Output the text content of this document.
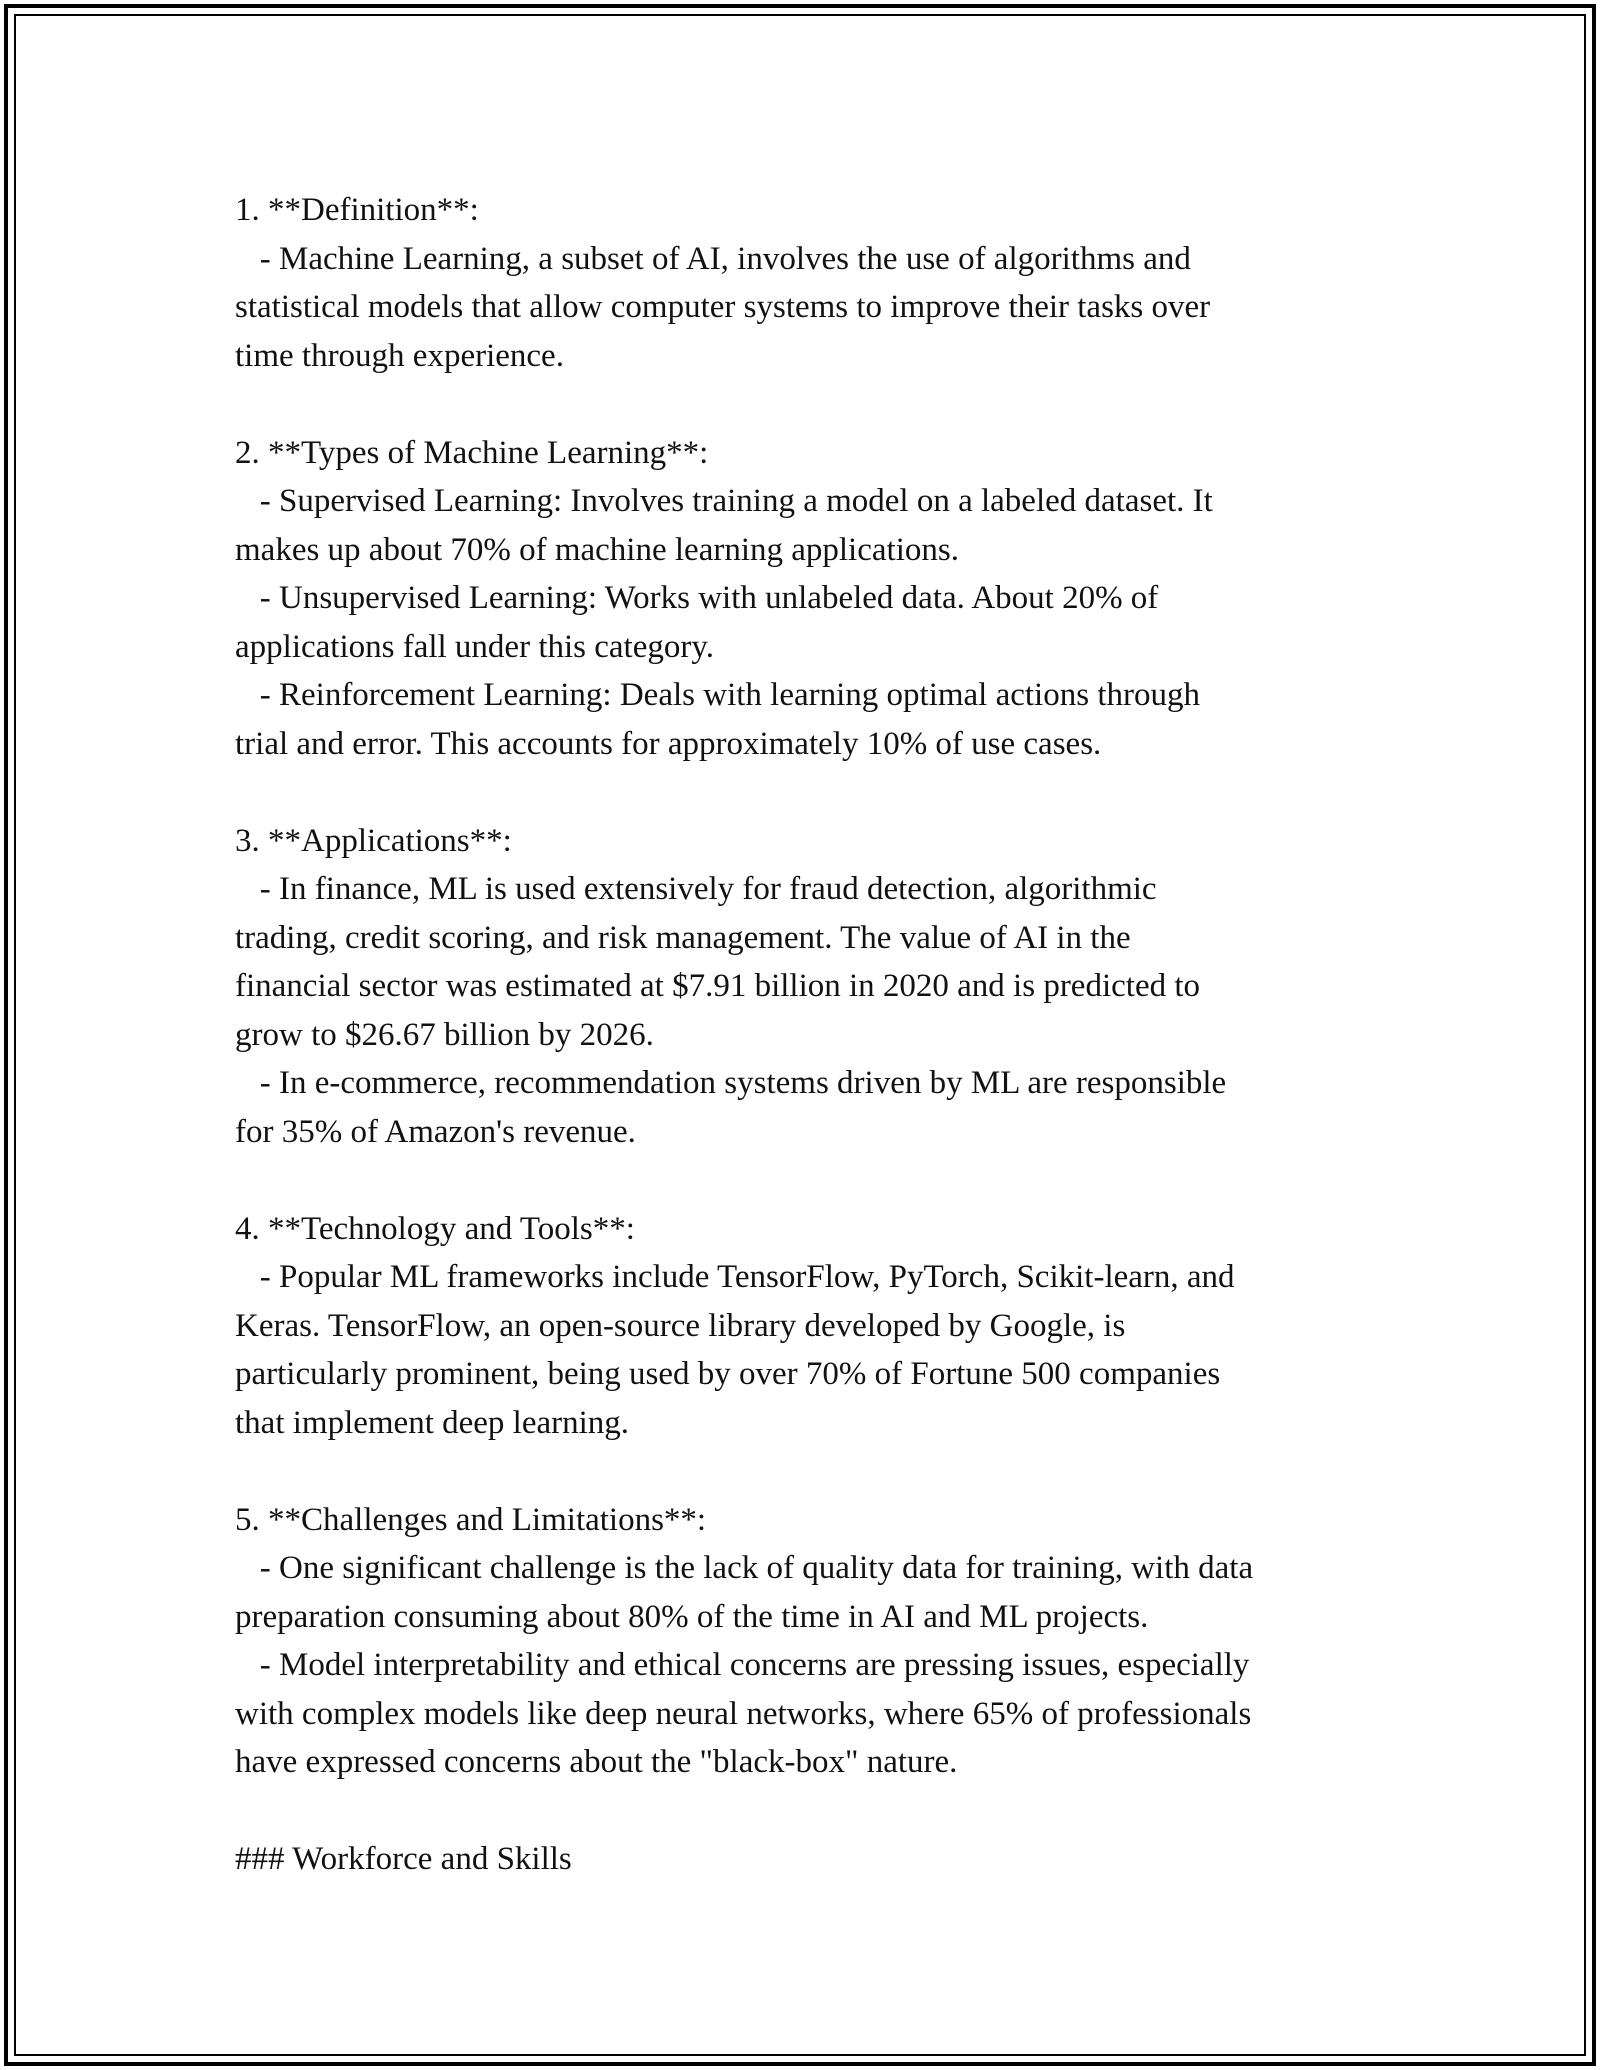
1. **Definition**:
- Machine Learning, a subset of AI, involves the use of algorithms and
statistical models that allow computer systems to improve their tasks over
time through experience.
2. **Types of Machine Learning**:
- Supervised Learning: Involves training a model on a labeled dataset. It
makes up about 70% of machine learning applications.
- Unsupervised Learning: Works with unlabeled data. About 20% of
applications fall under this category.
- Reinforcement Learning: Deals with learning optimal actions through
trial and error. This accounts for approximately 10% of use cases.
3. **Applications**:
- In finance, ML is used extensively for fraud detection, algorithmic
trading, credit scoring, and risk management. The value of AI in the
financial sector was estimated at $7.91 billion in 2020 and is predicted to
grow to $26.67 billion by 2026.
- In e-commerce, recommendation systems driven by ML are responsible
for 35% of Amazon's revenue.
4. **Technology and Tools**:
- Popular ML frameworks include TensorFlow, PyTorch, Scikit-learn, and
Keras. TensorFlow, an open-source library developed by Google, is
particularly prominent, being used by over 70% of Fortune 500 companies
that implement deep learning.
5. **Challenges and Limitations**:
- One significant challenge is the lack of quality data for training, with data
preparation consuming about 80% of the time in AI and ML projects.
- Model interpretability and ethical concerns are pressing issues, especially
with complex models like deep neural networks, where 65% of professionals
have expressed concerns about the "black-box" nature.
### Workforce and Skills
